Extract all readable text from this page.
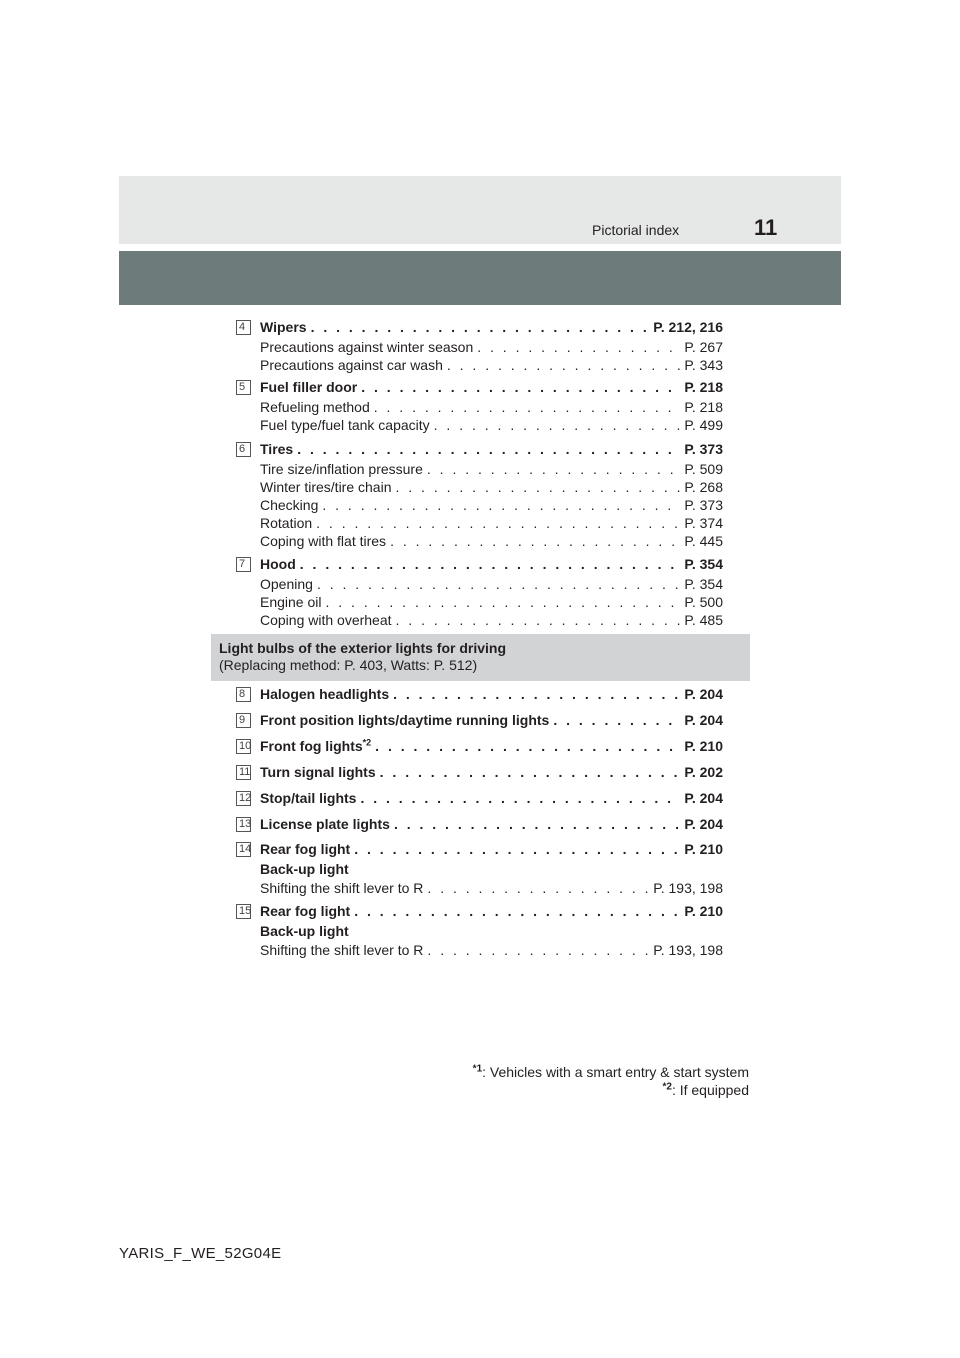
Pictorial index	11
4	Wipers . . .	P. 212, 216
Precautions against winter season . . .	P. 267
Precautions against car wash . . .	P. 343
5	Fuel filler door . . .	P. 218
Refueling method . . .	P. 218
Fuel type/fuel tank capacity . . .	P. 499
6	Tires . . .	P. 373
Tire size/inflation pressure . . .	P. 509
Winter tires/tire chain . . .	P. 268
Checking . . .	P. 373
Rotation . . .	P. 374
Coping with flat tires . . .	P. 445
7	Hood . . .	P. 354
Opening . . .	P. 354
Engine oil . . .	P. 500
Coping with overheat . . .	P. 485
Light bulbs of the exterior lights for driving
(Replacing method: P. 403, Watts: P. 512)
8	Halogen headlights . . .	P. 204
9	Front position lights/daytime running lights . . .	P. 204
10 Front fog lights$^{*2}$ . . .	P. 210
11 Turn signal lights . . .	P. 202
12 Stop/tail lights . . .	P. 204
13 License plate lights . . .	P. 204
14 Rear fog light . . .	P. 210
Back-up light
Shifting the shift lever to R . . .	P. 193, 198
15 Rear fog light . . .	P. 210
Back-up light
Shifting the shift lever to R . . .	P. 193, 198
$^{*1}$: Vehicles with a smart entry & start system
$^{*2}$: If equipped
YARIS_F_WE_52G04E
